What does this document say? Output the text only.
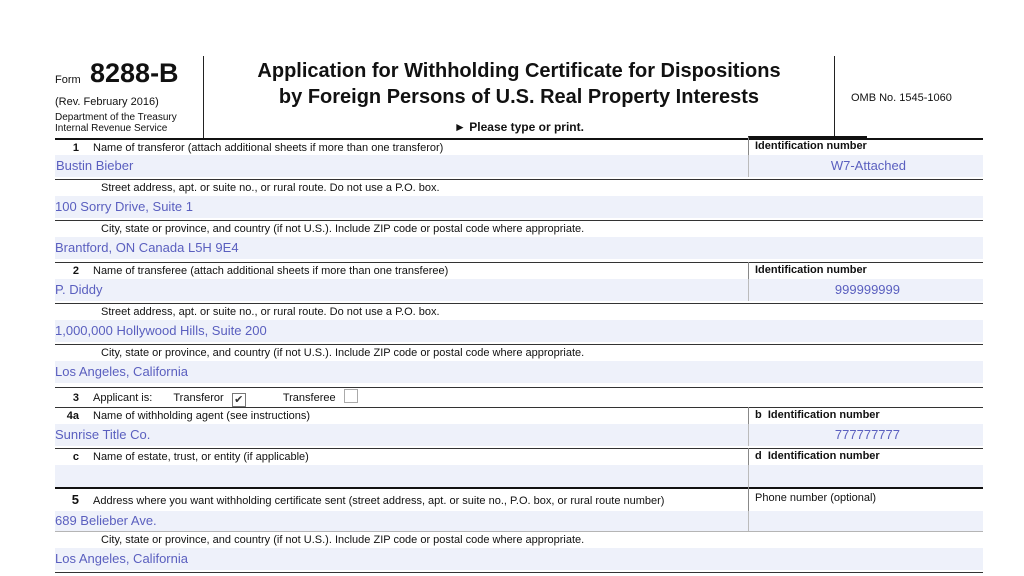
Form 8288-B
(Rev. February 2016)
Department of the Treasury
Internal Revenue Service
Application for Withholding Certificate for Dispositions
by Foreign Persons of U.S. Real Property Interests
► Please type or print.
OMB No. 1545-1060
1 Name of transferor (attach additional sheets if more than one transferor)	Identification number
Bustin Bieber	W7-Attached
Street address, apt. or suite no., or rural route. Do not use a P.O. box.
100 Sorry Drive, Suite 1
City, state or province, and country (if not U.S.). Include ZIP code or postal code where appropriate.
Brantford, ON Canada L5H 9E4
2 Name of transferee (attach additional sheets if more than one transferee)	Identification number
P. Diddy	999999999
Street address, apt. or suite no., or rural route. Do not use a P.O. box.
1,000,000 Hollywood Hills, Suite 200
City, state or province, and country (if not U.S.). Include ZIP code or postal code where appropriate.
Los Angeles, California
3 Applicant is: Transferor ✔	Transferee
4a Name of withholding agent (see instructions)	b Identification number
Sunrise Title Co.	777777777
c Name of estate, trust, or entity (if applicable)	d Identification number
5 Address where you want withholding certificate sent (street address, apt. or suite no., P.O. box, or rural route number)	Phone number (optional)
689 Belieber Ave.
City, state or province, and country (if not U.S.). Include ZIP code or postal code where appropriate.
Los Angeles, California
